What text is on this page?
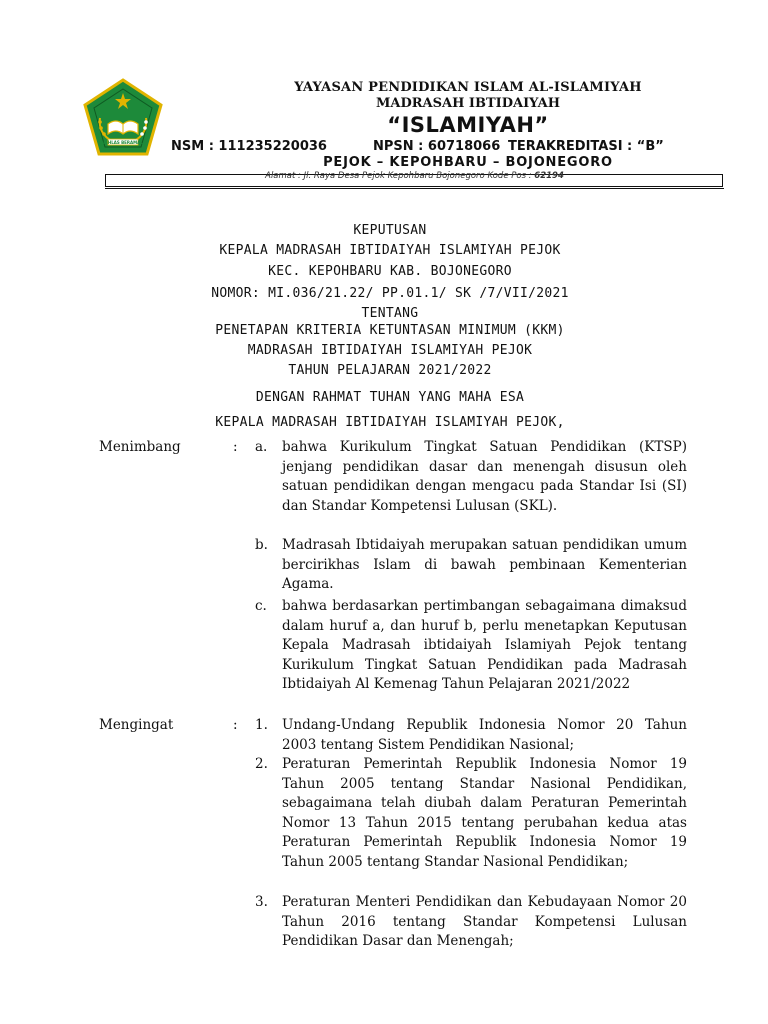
IKHLAS BERAMAL
YAYASAN PENDIDIKAN ISLAM AL-ISLAMIYAH
MADRASAH IBTIDAIYAH
“ISLAMIYAH”
NSM : 111235220036	NPSN : 60718066 TERAKREDITASI : “B”
PEJOK – KEPOHBARU – BOJONEGORO
Alamat : Jl. Raya Desa Pejok Kepohbaru Bojonegoro Kode Pos : 62194
KEPUTUSAN
KEPALA MADRASAH IBTIDAIYAH ISLAMIYAH PEJOK
KEC. KEPOHBARU KAB. BOJONEGORO
NOMOR: MI.036/21.22/ PP.01.1/ SK /7/VII/2021
TENTANG
PENETAPAN KRITERIA KETUNTASAN MINIMUM (KKM)
MADRASAH IBTIDAIYAH ISLAMIYAH PEJOK
TAHUN PELAJARAN 2021/2022
DENGAN RAHMAT TUHAN YANG MAHA ESA
KEPALA MADRASAH IBTIDAIYAH ISLAMIYAH PEJOK,
Menimbang	: a.	bahwa Kurikulum Tingkat Satuan Pendidikan (KTSP) jenjang pendidikan dasar dan menengah disusun oleh satuan pendidikan dengan mengacu pada Standar Isi (SI) dan Standar Kompetensi Lulusan (SKL).
b.	Madrasah Ibtidaiyah merupakan satuan pendidikan umum bercirikhas Islam di bawah pembinaan Kementerian Agama.
c.	bahwa berdasarkan pertimbangan sebagaimana dimaksud dalam huruf a, dan huruf b, perlu menetapkan Keputusan Kepala Madrasah ibtidaiyah Islamiyah Pejok tentang Kurikulum Tingkat Satuan Pendidikan pada Madrasah Ibtidaiyah Al Kemenag Tahun Pelajaran 2021/2022
Mengingat	: 1.	Undang-Undang Republik Indonesia Nomor 20 Tahun 2003 tentang Sistem Pendidikan Nasional;
2.	Peraturan Pemerintah Republik Indonesia Nomor 19 Tahun 2005 tentang Standar Nasional Pendidikan, sebagaimana telah diubah dalam Peraturan Pemerintah Nomor 13 Tahun 2015 tentang perubahan kedua atas Peraturan Pemerintah Republik Indonesia Nomor 19 Tahun 2005 tentang Standar Nasional Pendidikan;
3.	Peraturan Menteri Pendidikan dan Kebudayaan Nomor 20 Tahun 2016 tentang Standar Kompetensi Lulusan Pendidikan Dasar dan Menengah;
